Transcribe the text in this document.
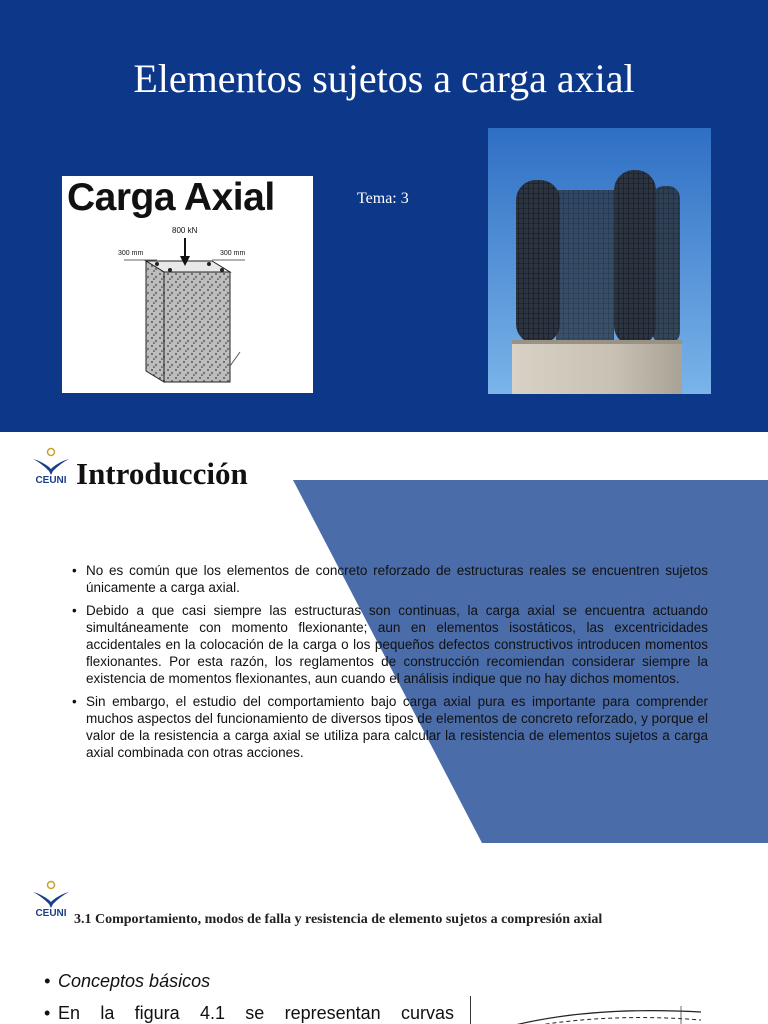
Elementos sujetos a carga axial
Carga Axial
800 kN
300 mm	300 mm
Tema: 3
CEUNI Introducción
• No es común que los elementos de concreto reforzado de estructuras reales se encuentren sujetos únicamente a carga axial.
• Debido a que casi siempre las estructuras son continuas, la carga axial se encuentra actuando simultáneamente con momento flexionante; aun en elementos isostáticos, las excentricidades accidentales en la colocación de la carga o los pequeños defectos constructivos introducen momentos flexionantes. Por esta razón, los reglamentos de construcción recomiendan considerar siempre la existencia de momentos flexionantes, aun cuando el análisis indique que no hay dichos momentos.
• Sin embargo, el estudio del comportamiento bajo carga axial pura es importante para comprender muchos aspectos del funcionamiento de diversos tipos de elementos de concreto reforzado, y porque el valor de la resistencia a carga axial se utiliza para calcular la resistencia de elementos sujetos a carga axial combinada con otras acciones.
CEUNI 3.1 Comportamiento, modos de falla y resistencia de elemento sujetos a compresión axial
• Conceptos básicos
• En la figura 4.1 se representan curvas
